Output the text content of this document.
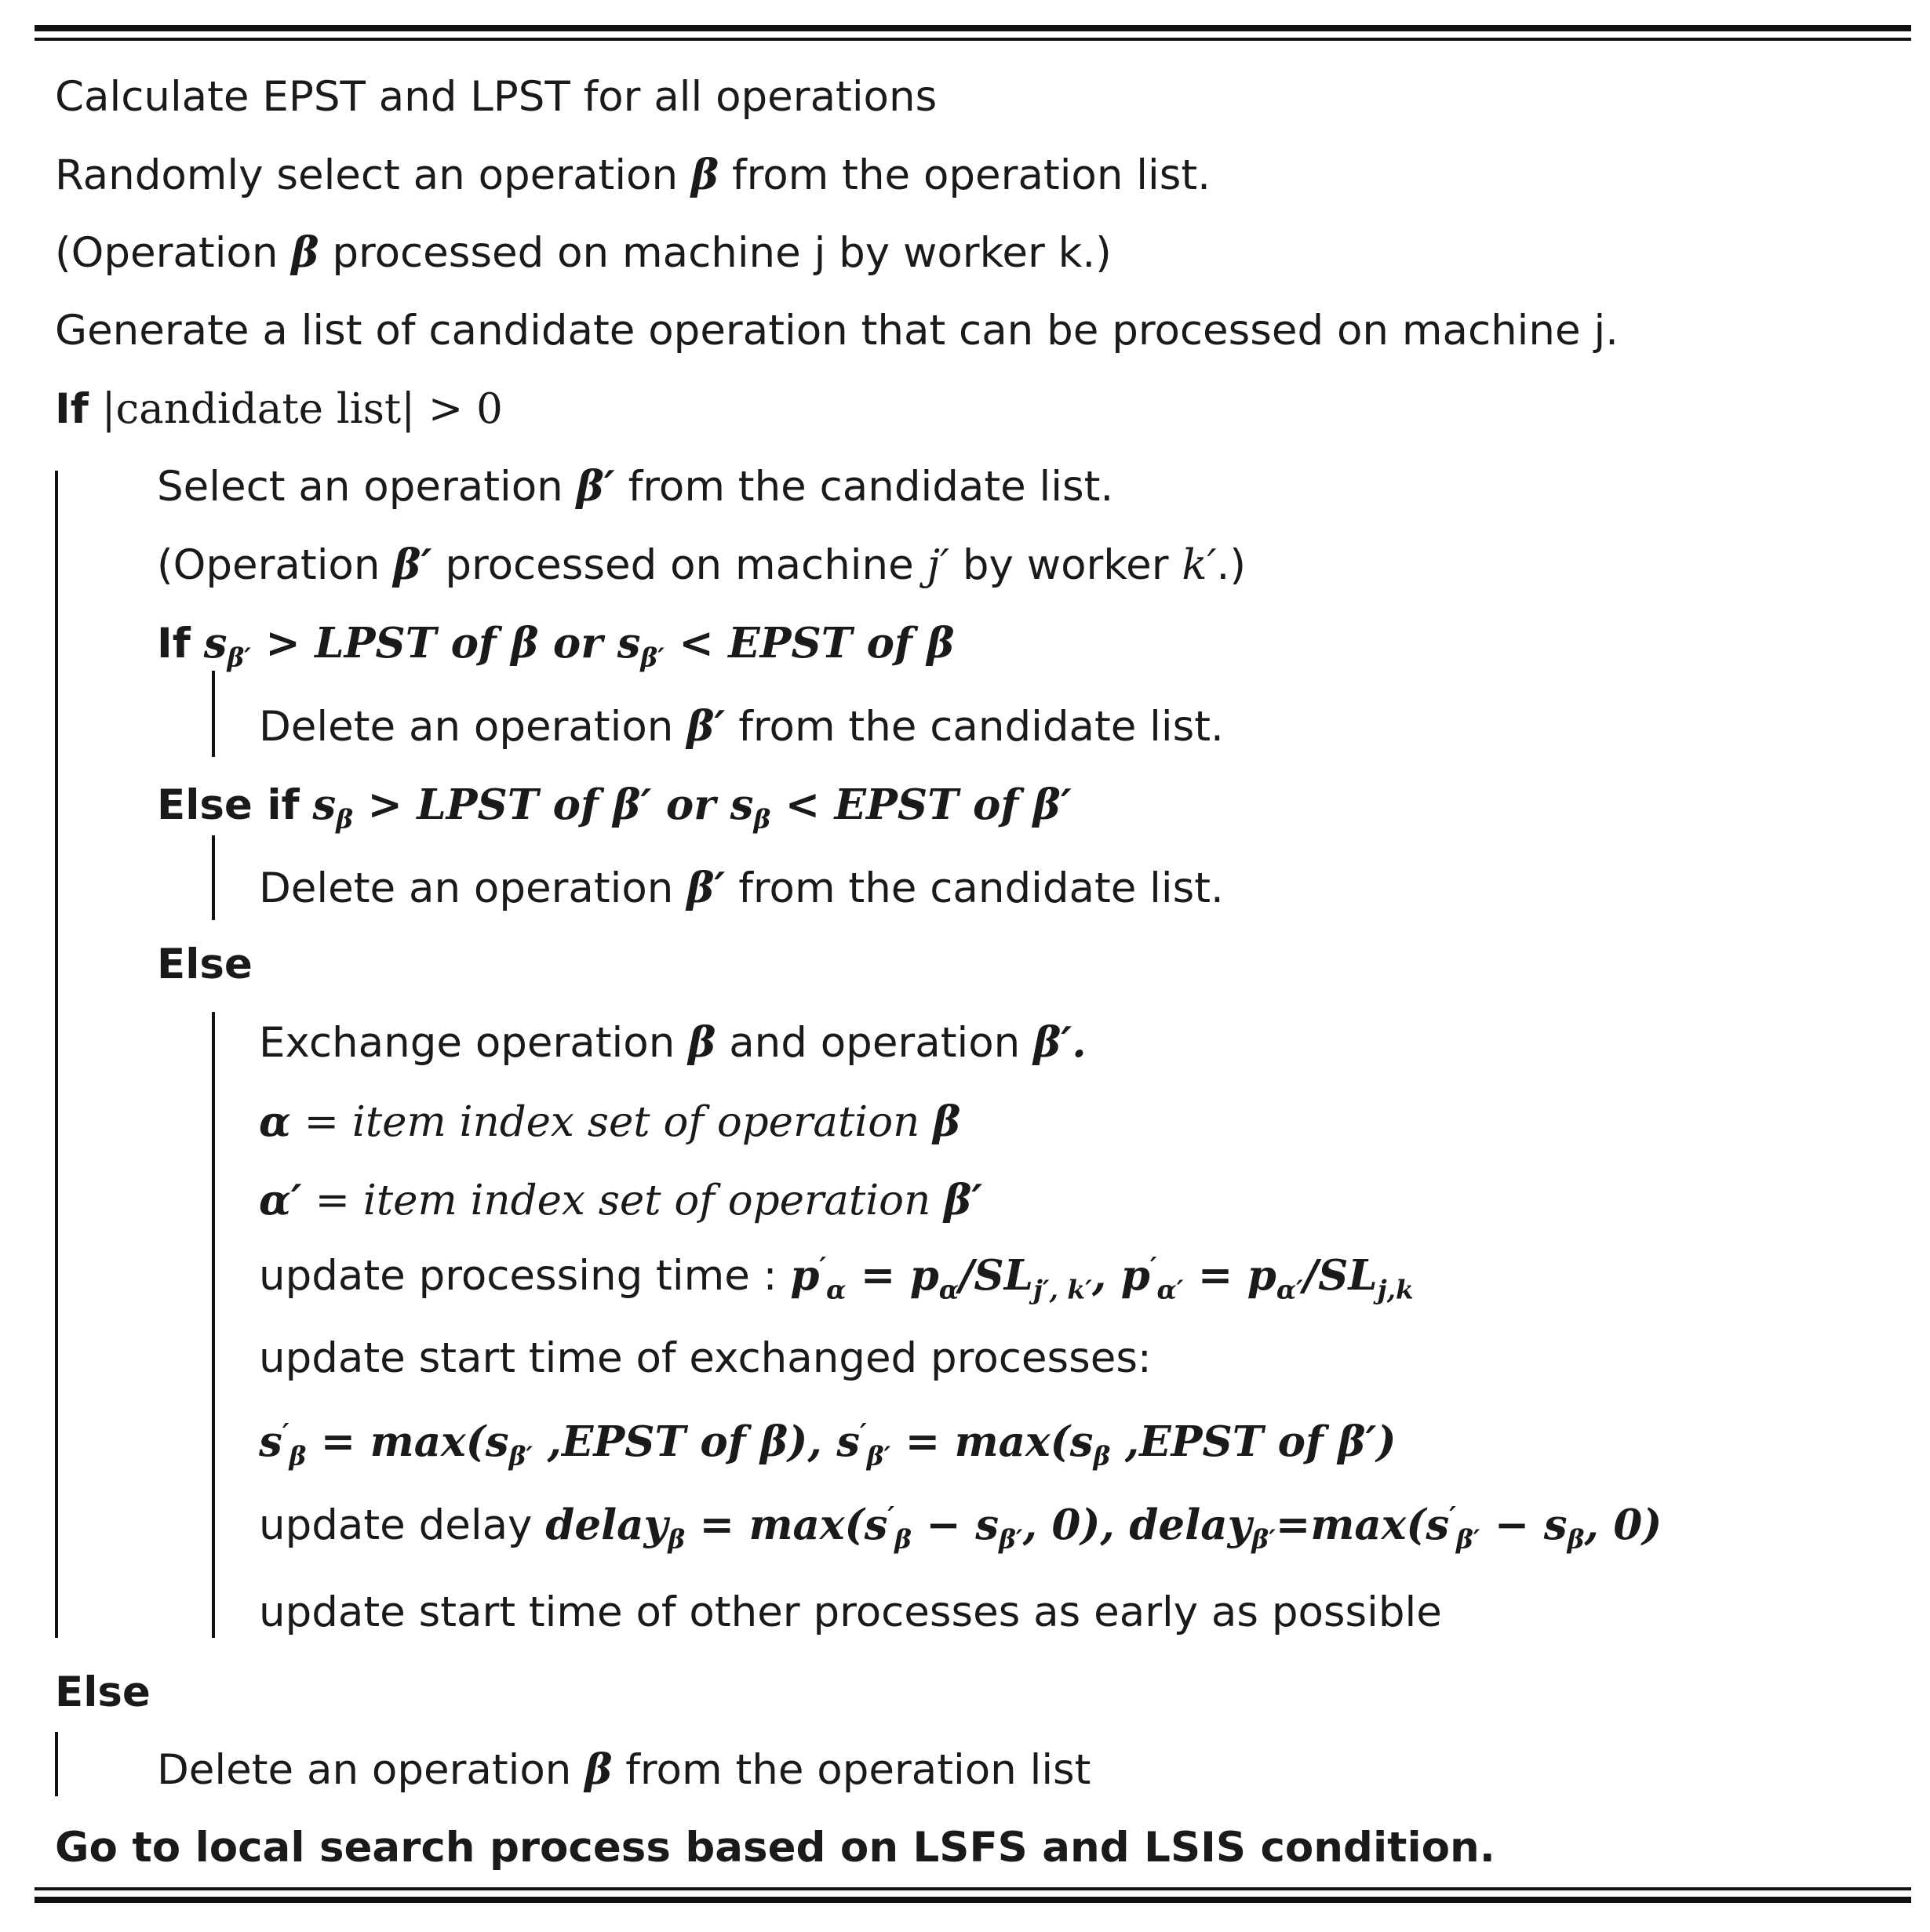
Calculate EPST and LPST for all operations
Randomly select an operation β from the operation list.
(Operation β processed on machine j by worker k.)
Generate a list of candidate operation that can be processed on machine j.
If |candidate list| > 0
Select an operation β′ from the candidate list.
(Operation β′ processed on machine j′ by worker k′.)
If $s_{\beta'}$ > LPST of β or $s_{\beta'}$ < EPST of β
Delete an operation β′ from the candidate list.
Else if $s_\beta$ > LPST of β′ or $s_\beta$ < EPST of β′
Delete an operation β′ from the candidate list.
Else
Exchange operation β and operation β′.
α = item index set of operation β
α′ = item index set of operation β′
update processing time : $p'_\alpha = p_\alpha/SL_{j', k'}$, $p'_{\alpha'} = p_{\alpha'}/SL_{j,k}$
update start time of exchanged processes:
$s'_\beta = \max(s_{\beta'}$ ,EPST of β), $s'_{\beta'} = \max(s_\beta$ ,EPST of β′)
update delay delay$_\beta$ = $\max(s'_\beta - s_{\beta'}$, 0), $delay_{\beta'}=\max(s'_{\beta'} - s_\beta$, 0)
update start time of other processes as early as possible
Else
Delete an operation β from the operation list
Go to local search process based on LSFS and LSIS condition.
